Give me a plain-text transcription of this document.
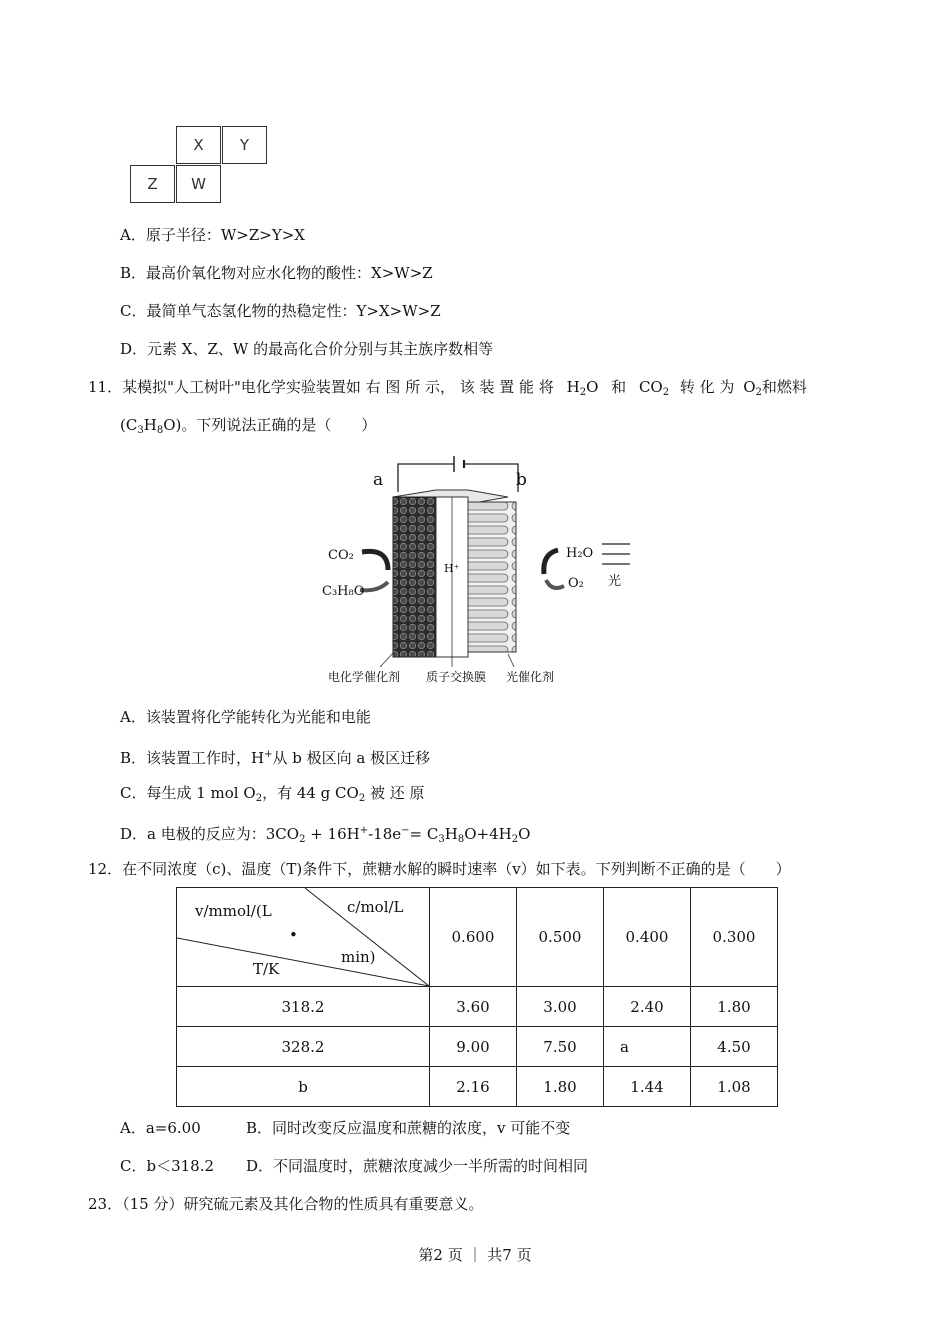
X	Y
Z	W
A．原子半径：W>Z>Y>X
B．最高价氧化物对应水化物的酸性：X>W>Z
C．最简单气态氢化物的热稳定性：Y>X>W>Z
D．元素 X、Z、W 的最高化合价分别与其主族序数相等
11．某模拟"人工树叶"电化学实验装置如 右 图 所 示， 该 装 置 能 将 $H_2O$ 和 $CO_2$ 转 化 为 $O_2$和燃料
$(C_3H_8O)$。下列说法正确的是（　　）
a	b
CO₂
C₃H₈O
H⁺
H₂O
O₂ 光
电化学催化剂 质子交换膜 光催化剂
A．该装置将化学能转化为光能和电能
B．该装置工作时，H+从 b 极区向 a 极区迁移
C．每生成 1 mol $O_2$，有 44 g $CO_2$ 被 还 原
D．a 电极的反应为：$3CO_2 + 16H^+-18e^-= C_3H_8O+4H_2O$
12．在不同浓度（c)、温度（T)条件下，蔗糖水解的瞬时速率（v）如下表。下列判断不正确的是（　　）
v/mmol/(L
•
c/mol/L
min)
T/K	0.600	0.500	0.400	0.300
318.2	3.60	3.00	2.40	1.80
328.2	9.00	7.50	a	4.50
b	2.16	1.80	1.44	1.08
A．a=6.00	B．同时改变反应温度和蔗糖的浓度，v 可能不变
C．b＜318.2 D．不同温度时，蔗糖浓度减少一半所需的时间相同
23．（15 分）研究硫元素及其化合物的性质具有重要意义。
第2 页 ｜ 共7 页
